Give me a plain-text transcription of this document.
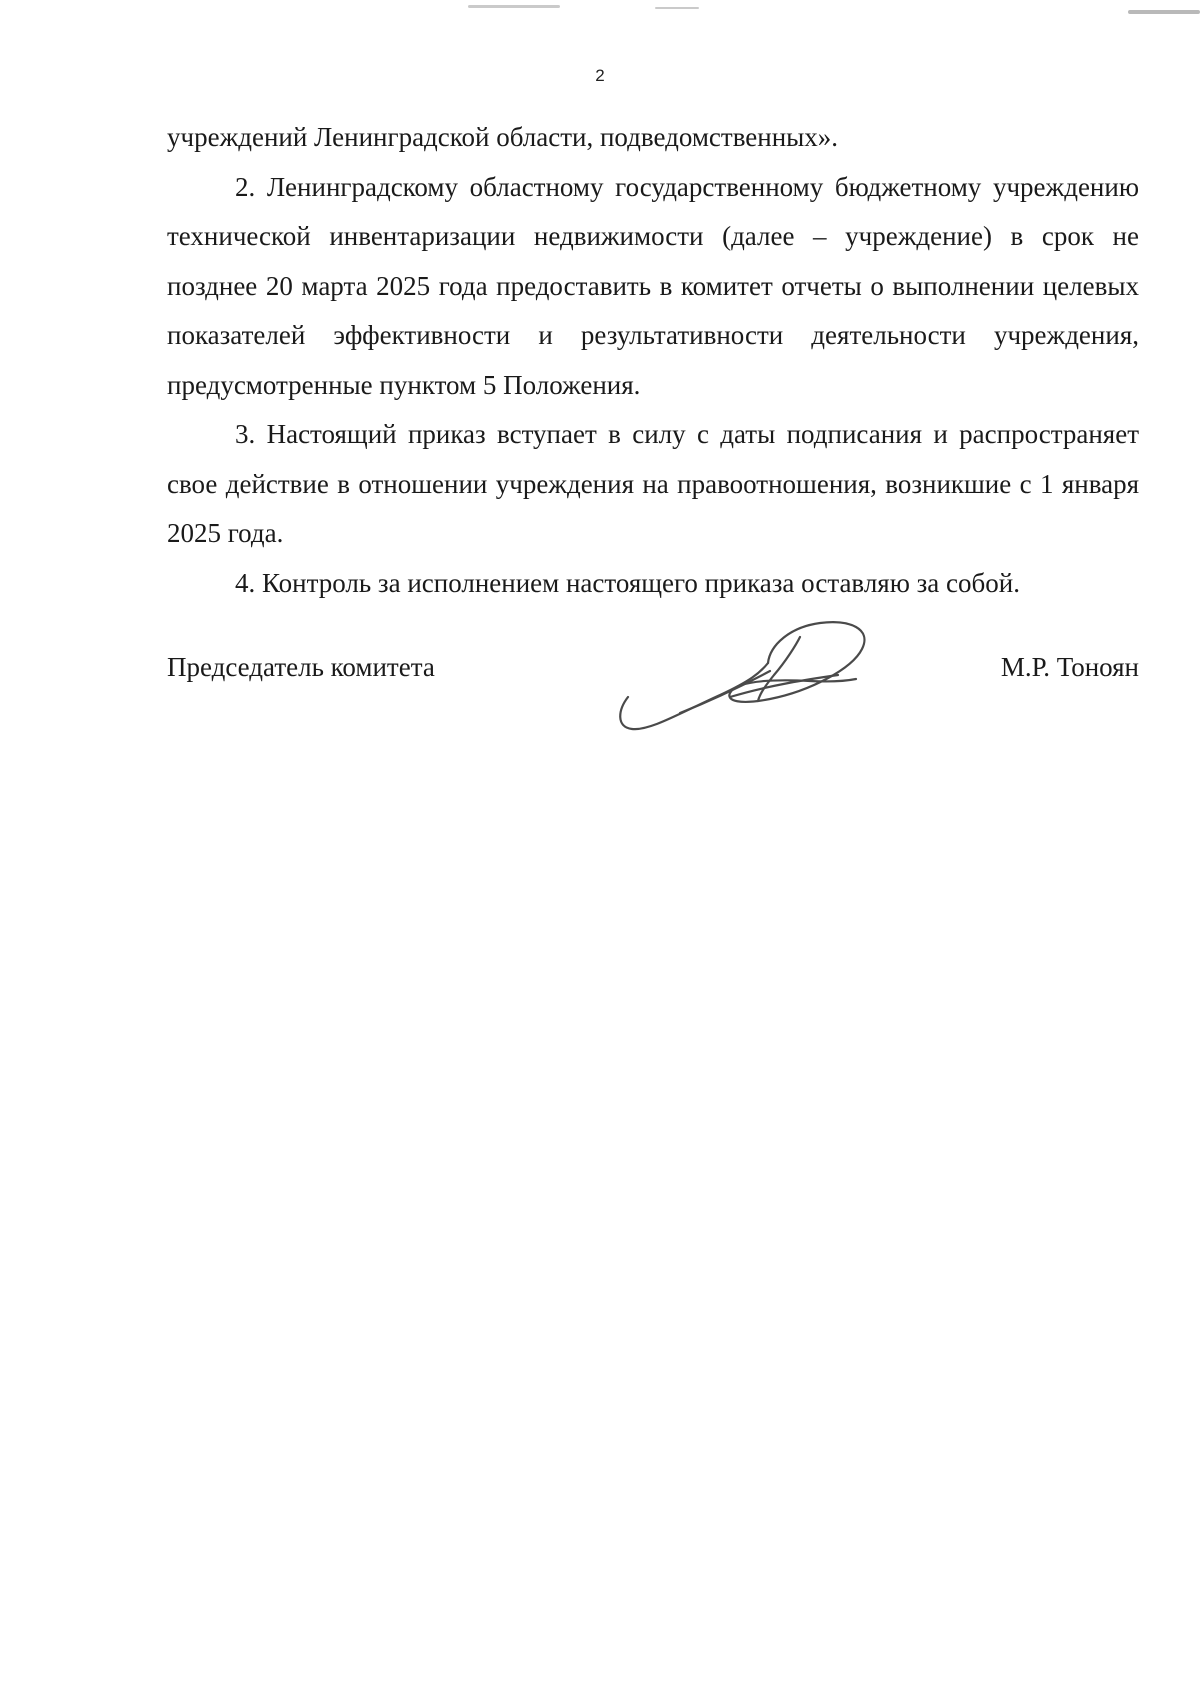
2

учреждений Ленинградской области, подведомственных».

2. Ленинградскому областному государственному бюджетному учреждению технической инвентаризации недвижимости (далее – учреждение) в срок не позднее 20 марта 2025 года предоставить в комитет отчеты о выполнении целевых показателей эффективности и результативности деятельности учреждения, предусмотренные пунктом 5 Положения.

3. Настоящий приказ вступает в силу с даты подписания и распространяет свое действие в отношении учреждения на правоотношения, возникшие с 1 января 2025 года.

4. Контроль за исполнением настоящего приказа оставляю за собой.

Председатель комитета	М.Р. Тоноян
